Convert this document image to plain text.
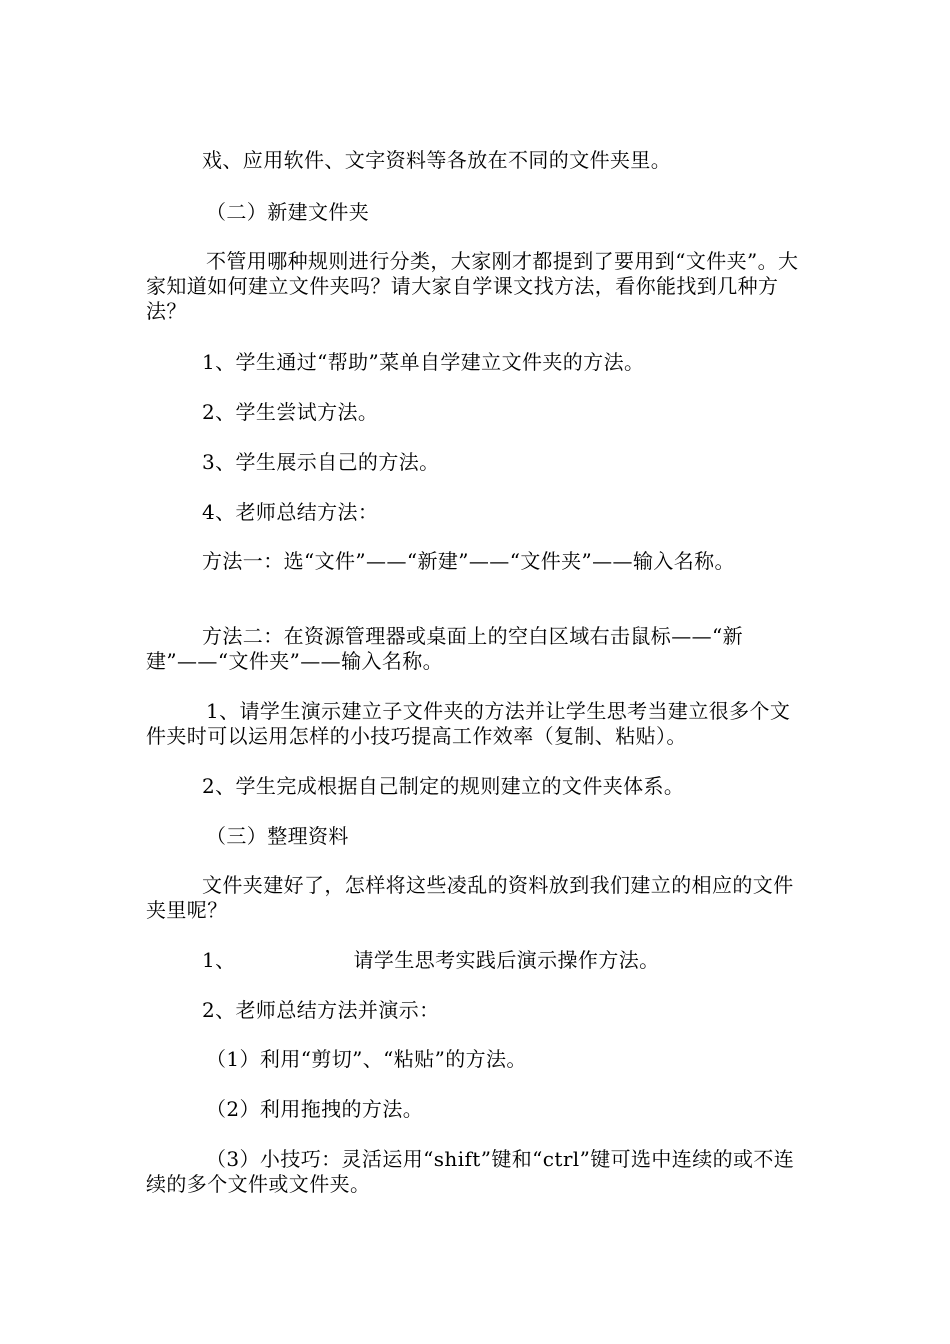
戏、应用软件、文字资料等各放在不同的文件夹里。
（二）新建文件夹
不管用哪种规则进行分类，大家刚才都提到了要用到“文件夹”。大家知道如何建立文件夹吗？请大家自学课文找方法，看你能找到几种方法？
1、学生通过“帮助”菜单自学建立文件夹的方法。
2、学生尝试方法。
3、学生展示自己的方法。
4、老师总结方法：
方法一：选“文件”——“新建”——“文件夹”——输入名称。
方法二：在资源管理器或桌面上的空白区域右击鼠标——“新建”——“文件夹”——输入名称。
1、请学生演示建立子文件夹的方法并让学生思考当建立很多个文件夹时可以运用怎样的小技巧提高工作效率（复制、粘贴）。
2、学生完成根据自己制定的规则建立的文件夹体系。
（三）整理资料
文件夹建好了，怎样将这些凌乱的资料放到我们建立的相应的文件夹里呢？
1、	请学生思考实践后演示操作方法。
2、老师总结方法并演示：
（1）利用“剪切”、“粘贴”的方法。
（2）利用拖拽的方法。
（3）小技巧：灵活运用“shift”键和“ctrl”键可选中连续的或不连续的多个文件或文件夹。
